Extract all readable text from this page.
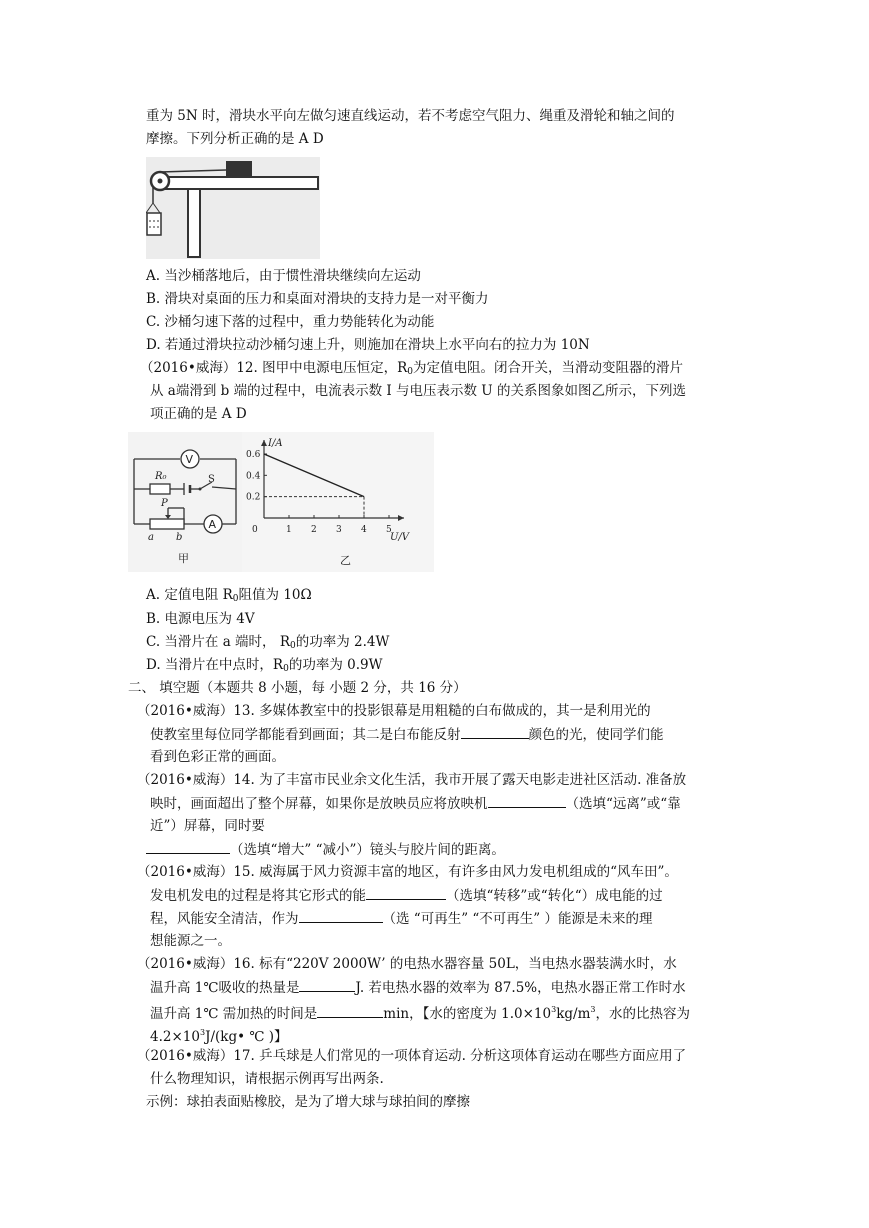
重为 5N 时，滑块水平向左做匀速直线运动，若不考虑空气阻力、绳重及滑轮和轴之间的
摩擦。下列分析正确的是 A D
A. 当沙桶落地后，由于惯性滑块继续向左运动
B. 滑块对桌面的压力和桌面对滑块的支持力是一对平衡力
C. 沙桶匀速下落的过程中，重力势能转化为动能
D. 若通过滑块拉动沙桶匀速上升，则施加在滑块上水平向右的拉力为 10N
（2016•威海）12. 图甲中电源电压恒定，$R_0$为定值电阻。闭合开关，当滑动变阻器的滑片
从 a端滑到 b 端的过程中，电流表示数 I 与电压表示数 U 的关系图象如图乙所示，下列选
项正确的是 A D
V
R₀	S
P
A
a b
甲
I/A
U/V
0	1 2 3 4 5
0.2
0.4
0.6
乙
A. 定值电阻 $R_0$阻值为 10Ω
B. 电源电压为 4V
C. 当滑片在 a 端时， $R_0$的功率为 2.4W
D. 当滑片在中点时，$R_0$的功率为 0.9W
二、 填空题（本题共 8 小题，每 小题 2 分，共 16 分）
（2016•威海）13. 多媒体教室中的投影银幕是用粗糙的白布做成的，其一是利用光的
使教室里每位同学都能看到画面；其二是白布能反射	颜色的光，使同学们能
看到色彩正常的画面。
（2016•威海）14. 为了丰富市民业余文化生活，我市开展了露天电影走进社区活动. 准备放
映时，画面超出了整个屏幕，如果你是放映员应将放映机	（选填“远离”或“靠
近”）屏幕，同时要
（选填“增大” “减小”）镜头与胶片间的距离。
（2016•威海）15. 威海属于风力资源丰富的地区，有许多由风力发电机组成的“风车田”。
发电机发电的过程是将其它形式的能	（选填“转移”或“转化“）成电能的过
程，风能安全清洁，作为	（选 “可再生” “不可再生” ）能源是未来的理
想能源之一。
（2016•威海）16. 标有“220V 2000W’ 的电热水器容量 50L，当电热水器装满水时，水
温升高 1℃吸收的热量是	J. 若电热水器的效率为 87.5%，电热水器正常工作时水
温升高 1℃ 需加热的时间是	min，【水的密度为 $1.0\times 10^3kg/m^3$，水的比热容为
$4.2\times 10^3J/(kg•$ ℃ )】
（2016•威海）17. 乒乓球是人们常见的一项体育运动. 分析这项体育运动在哪些方面应用了
什么物理知识，请根据示例再写出两条.
示例：球拍表面贴橡胶，是为了增大球与球拍间的摩擦
